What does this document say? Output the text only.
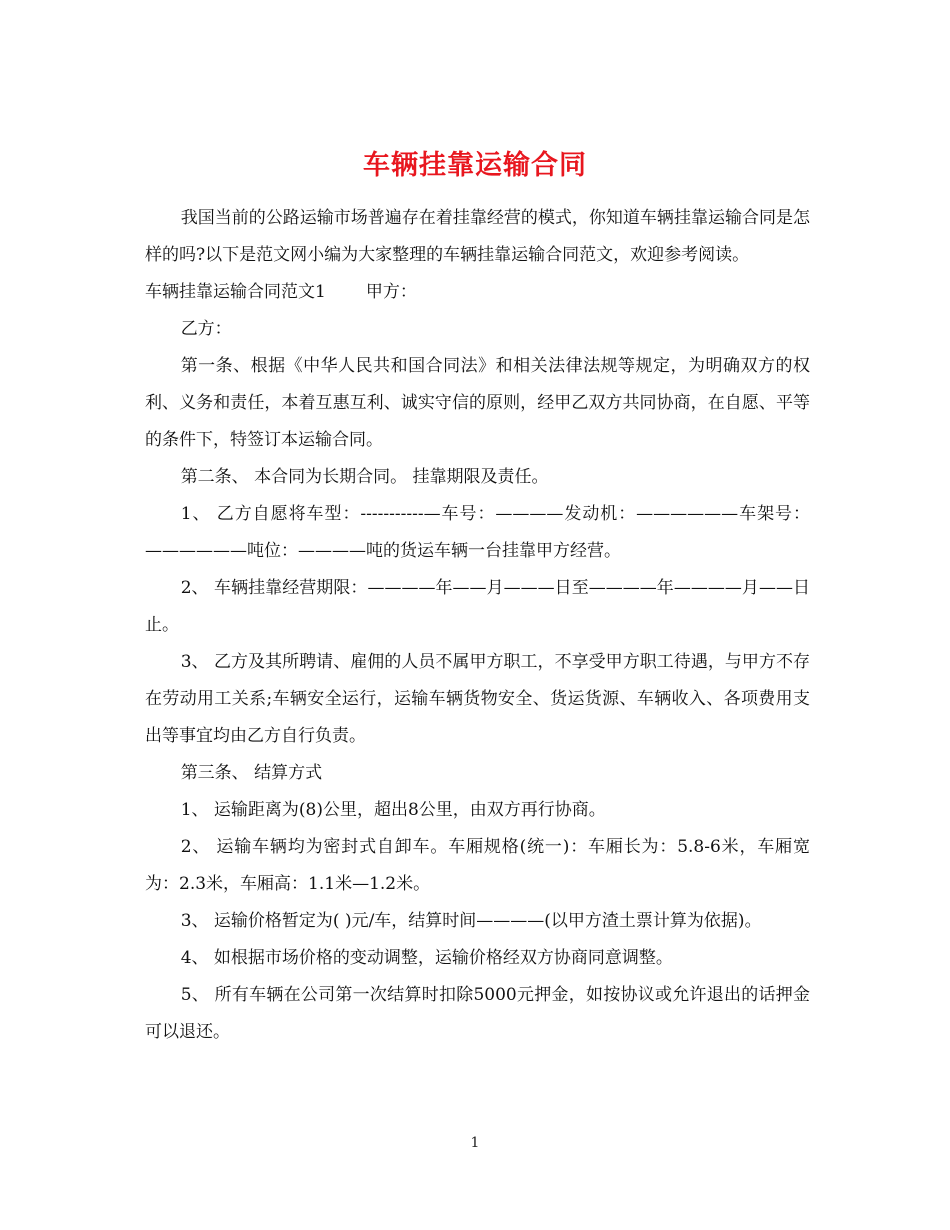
车辆挂靠运输合同

我国当前的公路运输市场普遍存在着挂靠经营的模式，你知道车辆挂靠运输合同是怎样的吗?以下是范文网小编为大家整理的车辆挂靠运输合同范文，欢迎参考阅读。

车辆挂靠运输合同范文1 甲方：

乙方：

第一条、根据《中华人民共和国合同法》和相关法律法规等规定，为明确双方的权利、义务和责任，本着互惠互利、诚实守信的原则，经甲乙双方共同协商，在自愿、平等的条件下，特签订本运输合同。

第二条、 本合同为长期合同。 挂靠期限及责任。

1、 乙方自愿将车型：-----------—车号：————发动机：——————车架号：——————吨位：————吨的货运车辆一台挂靠甲方经营。

2、 车辆挂靠经营期限：————年——月———日至————年————月——日止。

3、 乙方及其所聘请、雇佣的人员不属甲方职工，不享受甲方职工待遇，与甲方不存在劳动用工关系;车辆安全运行，运输车辆货物安全、货运货源、车辆收入、各项费用支出等事宜均由乙方自行负责。

第三条、 结算方式

1、 运输距离为(8)公里，超出8公里，由双方再行协商。

2、 运输车辆均为密封式自卸车。车厢规格(统一)：车厢长为：5.8-6米，车厢宽为：2.3米，车厢高：1.1米—1.2米。

3、 运输价格暂定为( )元/车，结算时间————(以甲方渣土票计算为依据)。

4、 如根据市场价格的变动调整，运输价格经双方协商同意调整。

5、 所有车辆在公司第一次结算时扣除5000元押金，如按协议或允许退出的话押金可以退还。

1
